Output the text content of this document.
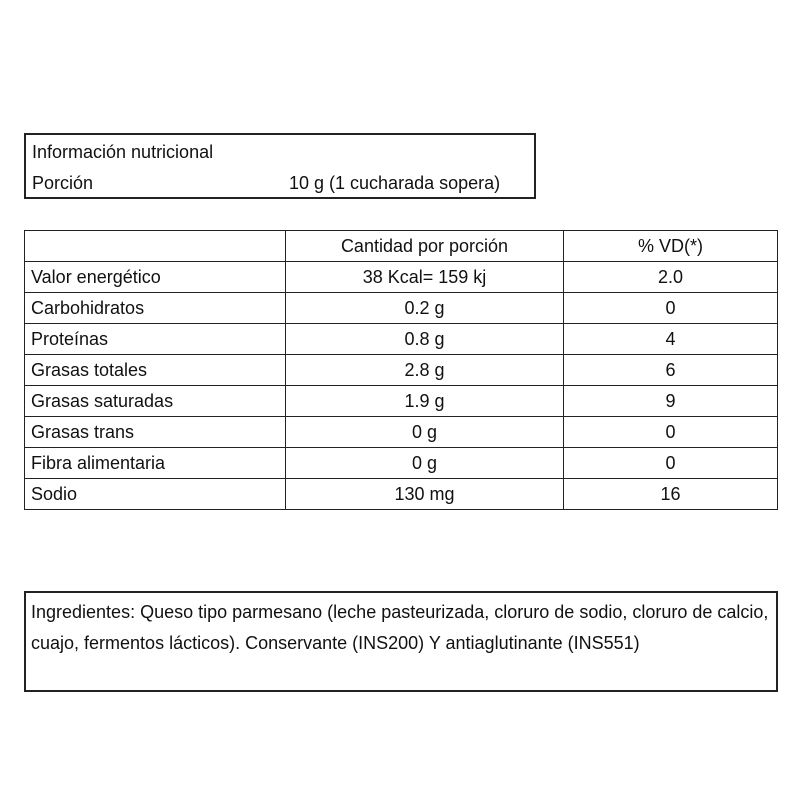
Información nutricional
Porción	10 g (1 cucharada sopera)
	Cantidad por porción	% VD(*)
Valor energético	38 Kcal= 159 kj	2.0
Carbohidratos	0.2 g	0
Proteínas	0.8 g	4
Grasas totales	2.8 g	6
Grasas saturadas	1.9 g	9
Grasas trans	0 g	0
Fibra alimentaria	0 g	0
Sodio	130 mg	16
Ingredientes: Queso tipo parmesano (leche pasteurizada, cloruro de sodio, cloruro de calcio, cuajo, fermentos lácticos). Conservante (INS200) Y antiaglutinante (INS551)
